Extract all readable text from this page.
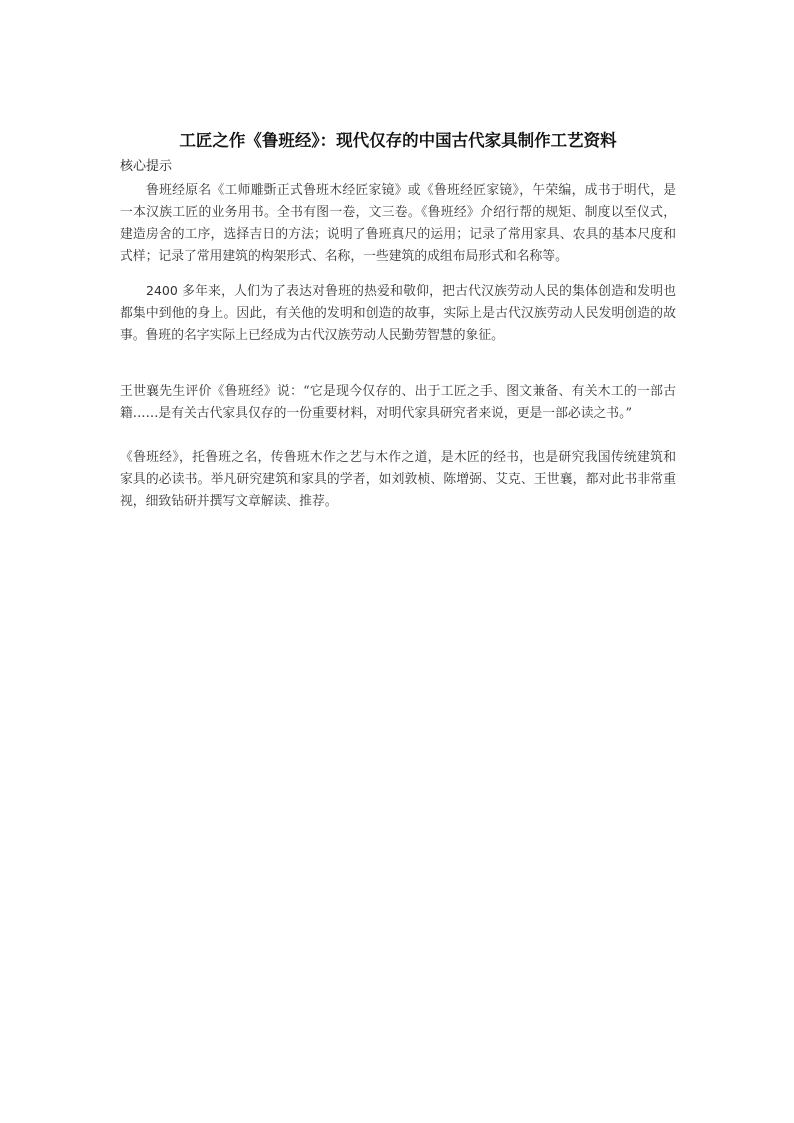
工匠之作《鲁班经》：现代仅存的中国古代家具制作工艺资料
核心提示

鲁班经原名《工师雕斲正式鲁班木经匠家镜》或《鲁班经匠家镜》，午荣编，成书于明代，是一本汉族工匠的业务用书。全书有图一卷，文三卷。《鲁班经》介绍行帮的规矩、制度以至仪式，建造房舍的工序，选择吉日的方法；说明了鲁班真尺的运用；记录了常用家具、农具的基本尺度和式样；记录了常用建筑的构架形式、名称，一些建筑的成组布局形式和名称等。

2400 多年来，人们为了表达对鲁班的热爱和敬仰，把古代汉族劳动人民的集体创造和发明也都集中到他的身上。因此，有关他的发明和创造的故事，实际上是古代汉族劳动人民发明创造的故事。鲁班的名字实际上已经成为古代汉族劳动人民勤劳智慧的象征。

王世襄先生评价《鲁班经》说：“它是现今仅存的、出于工匠之手、图文兼备、有关木工的一部古籍……是有关古代家具仅存的一份重要材料，对明代家具研究者来说，更是一部必读之书。”

《鲁班经》，托鲁班之名，传鲁班木作之艺与木作之道，是木匠的经书，也是研究我国传统建筑和家具的必读书。举凡研究建筑和家具的学者，如刘敦桢、陈增弼、艾克、王世襄，都对此书非常重视，细致钻研并撰写文章解读、推荐。
